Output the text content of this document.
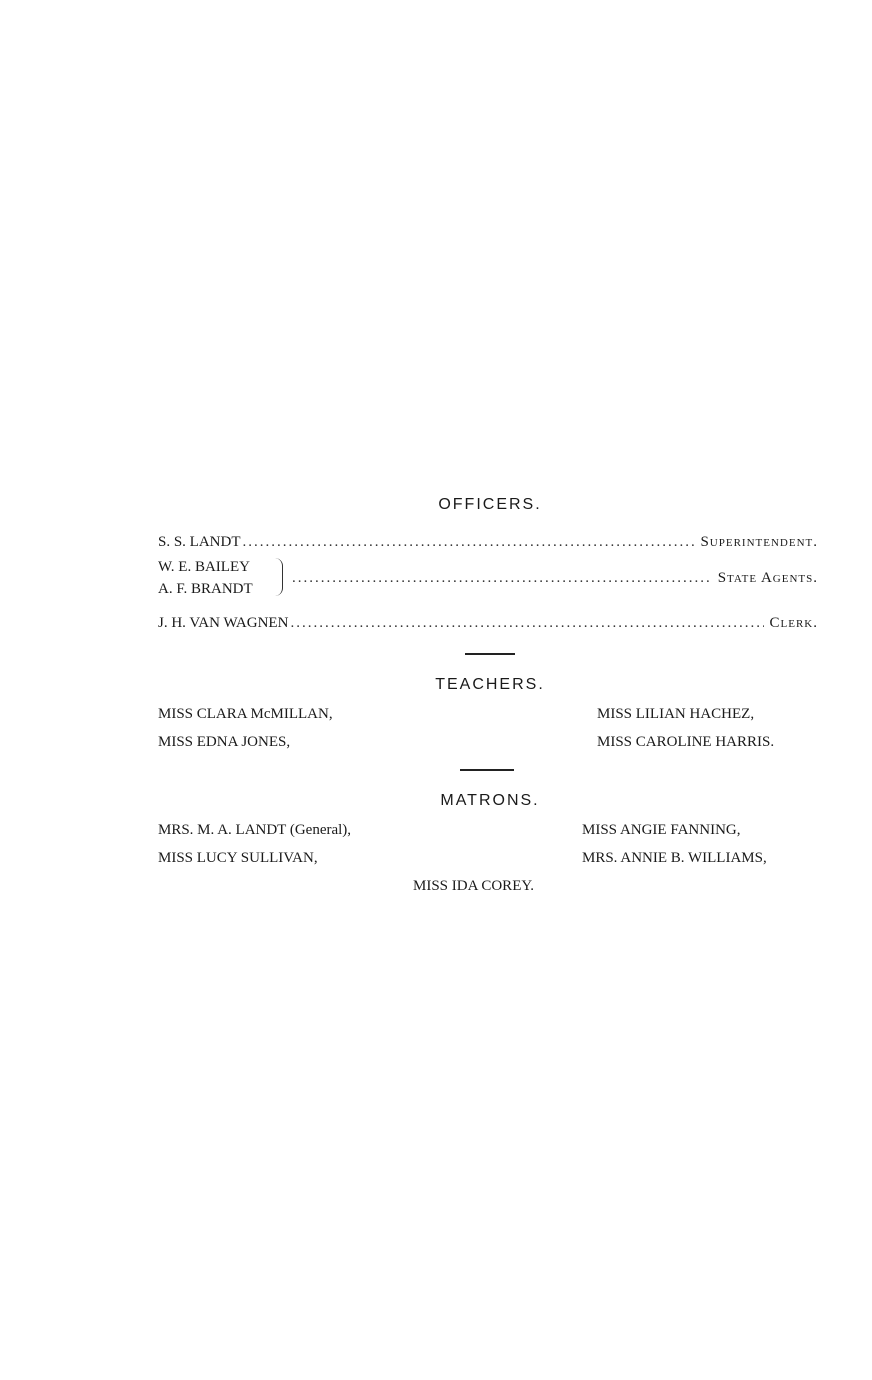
OFFICERS.
S. S. LANDT .....	Superintendent.
W. E. BAILEY
A. F. BRANDT
.....
State Agents.
J. H. VAN WAGNEN .....	Clerk.
TEACHERS.
MISS CLARA McMILLAN,
MISS EDNA JONES,
MISS LILIAN HACHEZ,
MISS CAROLINE HARRIS.
MATRONS.
MRS. M. A. LANDT (General),
MISS LUCY SULLIVAN,
MISS ANGIE FANNING,
MRS. ANNIE B. WILLIAMS,
MISS IDA COREY.
